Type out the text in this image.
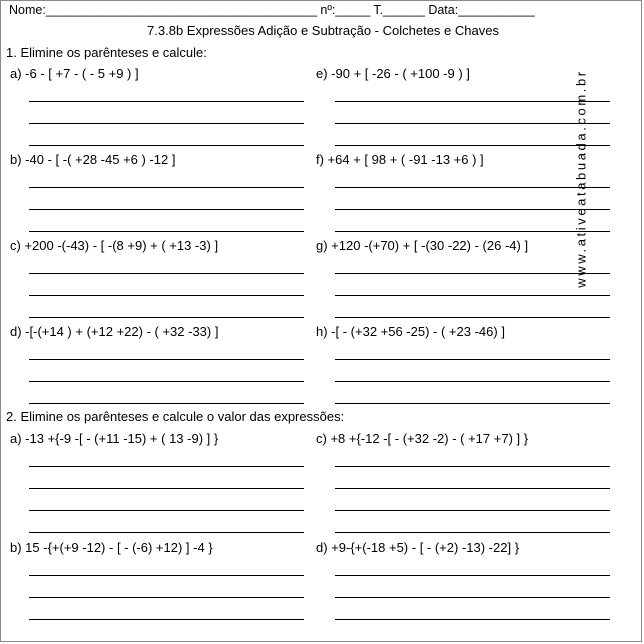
Nome:_______________________________________ nº:_____ T.______ Data:___________
7.3.8b Expressões Adição e Subtração - Colchetes e Chaves
1. Elimine os parênteses e calcule:
a) -6 - [ +7 - ( - 5 +9 ) ]	e) -90 + [ -26 - ( +100 -9 ) ]
b) -40 - [ -( +28 -45 +6 ) -12 ]	f) +64 + [ 98 + ( -91 -13 +6 ) ]
c) +200 -(-43) - [ -(8 +9) + ( +13 -3) ]	g) +120 -(+70) + [ -(30 -22) - (26 -4) ]
d) -[-(+14 ) + (+12 +22) - ( +32 -33) ]	h) -[ - (+32 +56 -25) - ( +23 -46) ]
2. Elimine os parênteses e calcule o valor das expressões:
a) -13 +{-9 -[ - (+11 -15) + ( 13 -9) ] }	c) +8 +{-12 -[ - (+32 -2) - ( +17 +7) ] }
b) 15 -{+(+9 -12) - [ - (-6) +12) ] -4 }	d) +9-{+(-18 +5) - [ - (+2) -13) -22] }
www.ativeatabuada.com.br
